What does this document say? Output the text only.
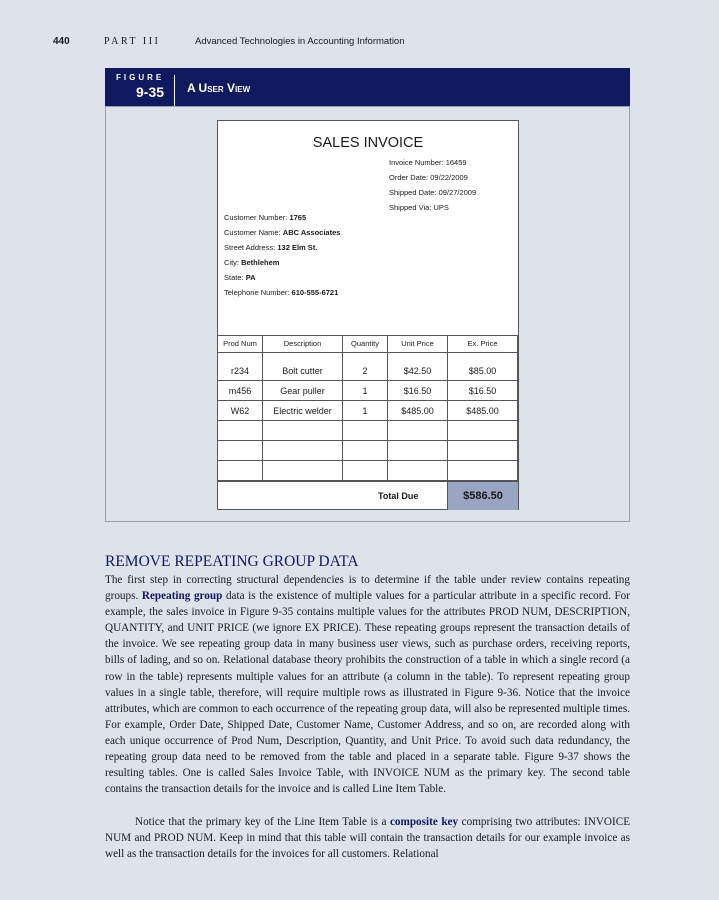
440	PART III	Advanced Technologies in Accounting Information
FIGURE
9-35 A User View
SALES INVOICE
Invoice Number: 16459
Order Date: 09/22/2009
Shipped Date: 09/27/2009
Shipped Via: UPS
Customer Number: 1765
Customer Name: ABC Associates
Street Address: 132 Elm St.
City: Bethlehem
State: PA
Telephone Number: 610-555-6721
Prod Num	Description	Quantity	Unit Price	Ex. Price
r234	Bolt cutter	2	$42.50	$85.00
m456	Gear puller	1	$16.50	$16.50
W62	Electric welder	1	$485.00	$485.00
Total Due	$586.50
REMOVE REPEATING GROUP DATA
The first step in correcting structural dependencies is to determine if the table under review contains repeating groups. Repeating group data is the existence of multiple values for a particular attribute in a specific record. For example, the sales invoice in Figure 9-35 contains multiple values for the attributes PROD NUM, DESCRIPTION, QUANTITY, and UNIT PRICE (we ignore EX PRICE). These repeating groups represent the transaction details of the invoice. We see repeating group data in many business user views, such as purchase orders, receiving reports, bills of lading, and so on. Relational database theory prohibits the construction of a table in which a single record (a row in the table) represents multiple values for an attribute (a column in the table). To represent repeating group values in a single table, therefore, will require multiple rows as illustrated in Figure 9-36. Notice that the invoice attributes, which are common to each occurrence of the repeating group data, will also be represented multiple times. For example, Order Date, Shipped Date, Customer Name, Customer Address, and so on, are recorded along with each unique occurrence of Prod Num, Description, Quantity, and Unit Price. To avoid such data redundancy, the repeating group data need to be removed from the table and placed in a separate table. Figure 9-37 shows the resulting tables. One is called Sales Invoice Table, with INVOICE NUM as the primary key. The second table contains the transaction details for the invoice and is called Line Item Table.
Notice that the primary key of the Line Item Table is a composite key comprising two attributes: INVOICE NUM and PROD NUM. Keep in mind that this table will contain the transaction details for our example invoice as well as the transaction details for the invoices for all customers. Relational
